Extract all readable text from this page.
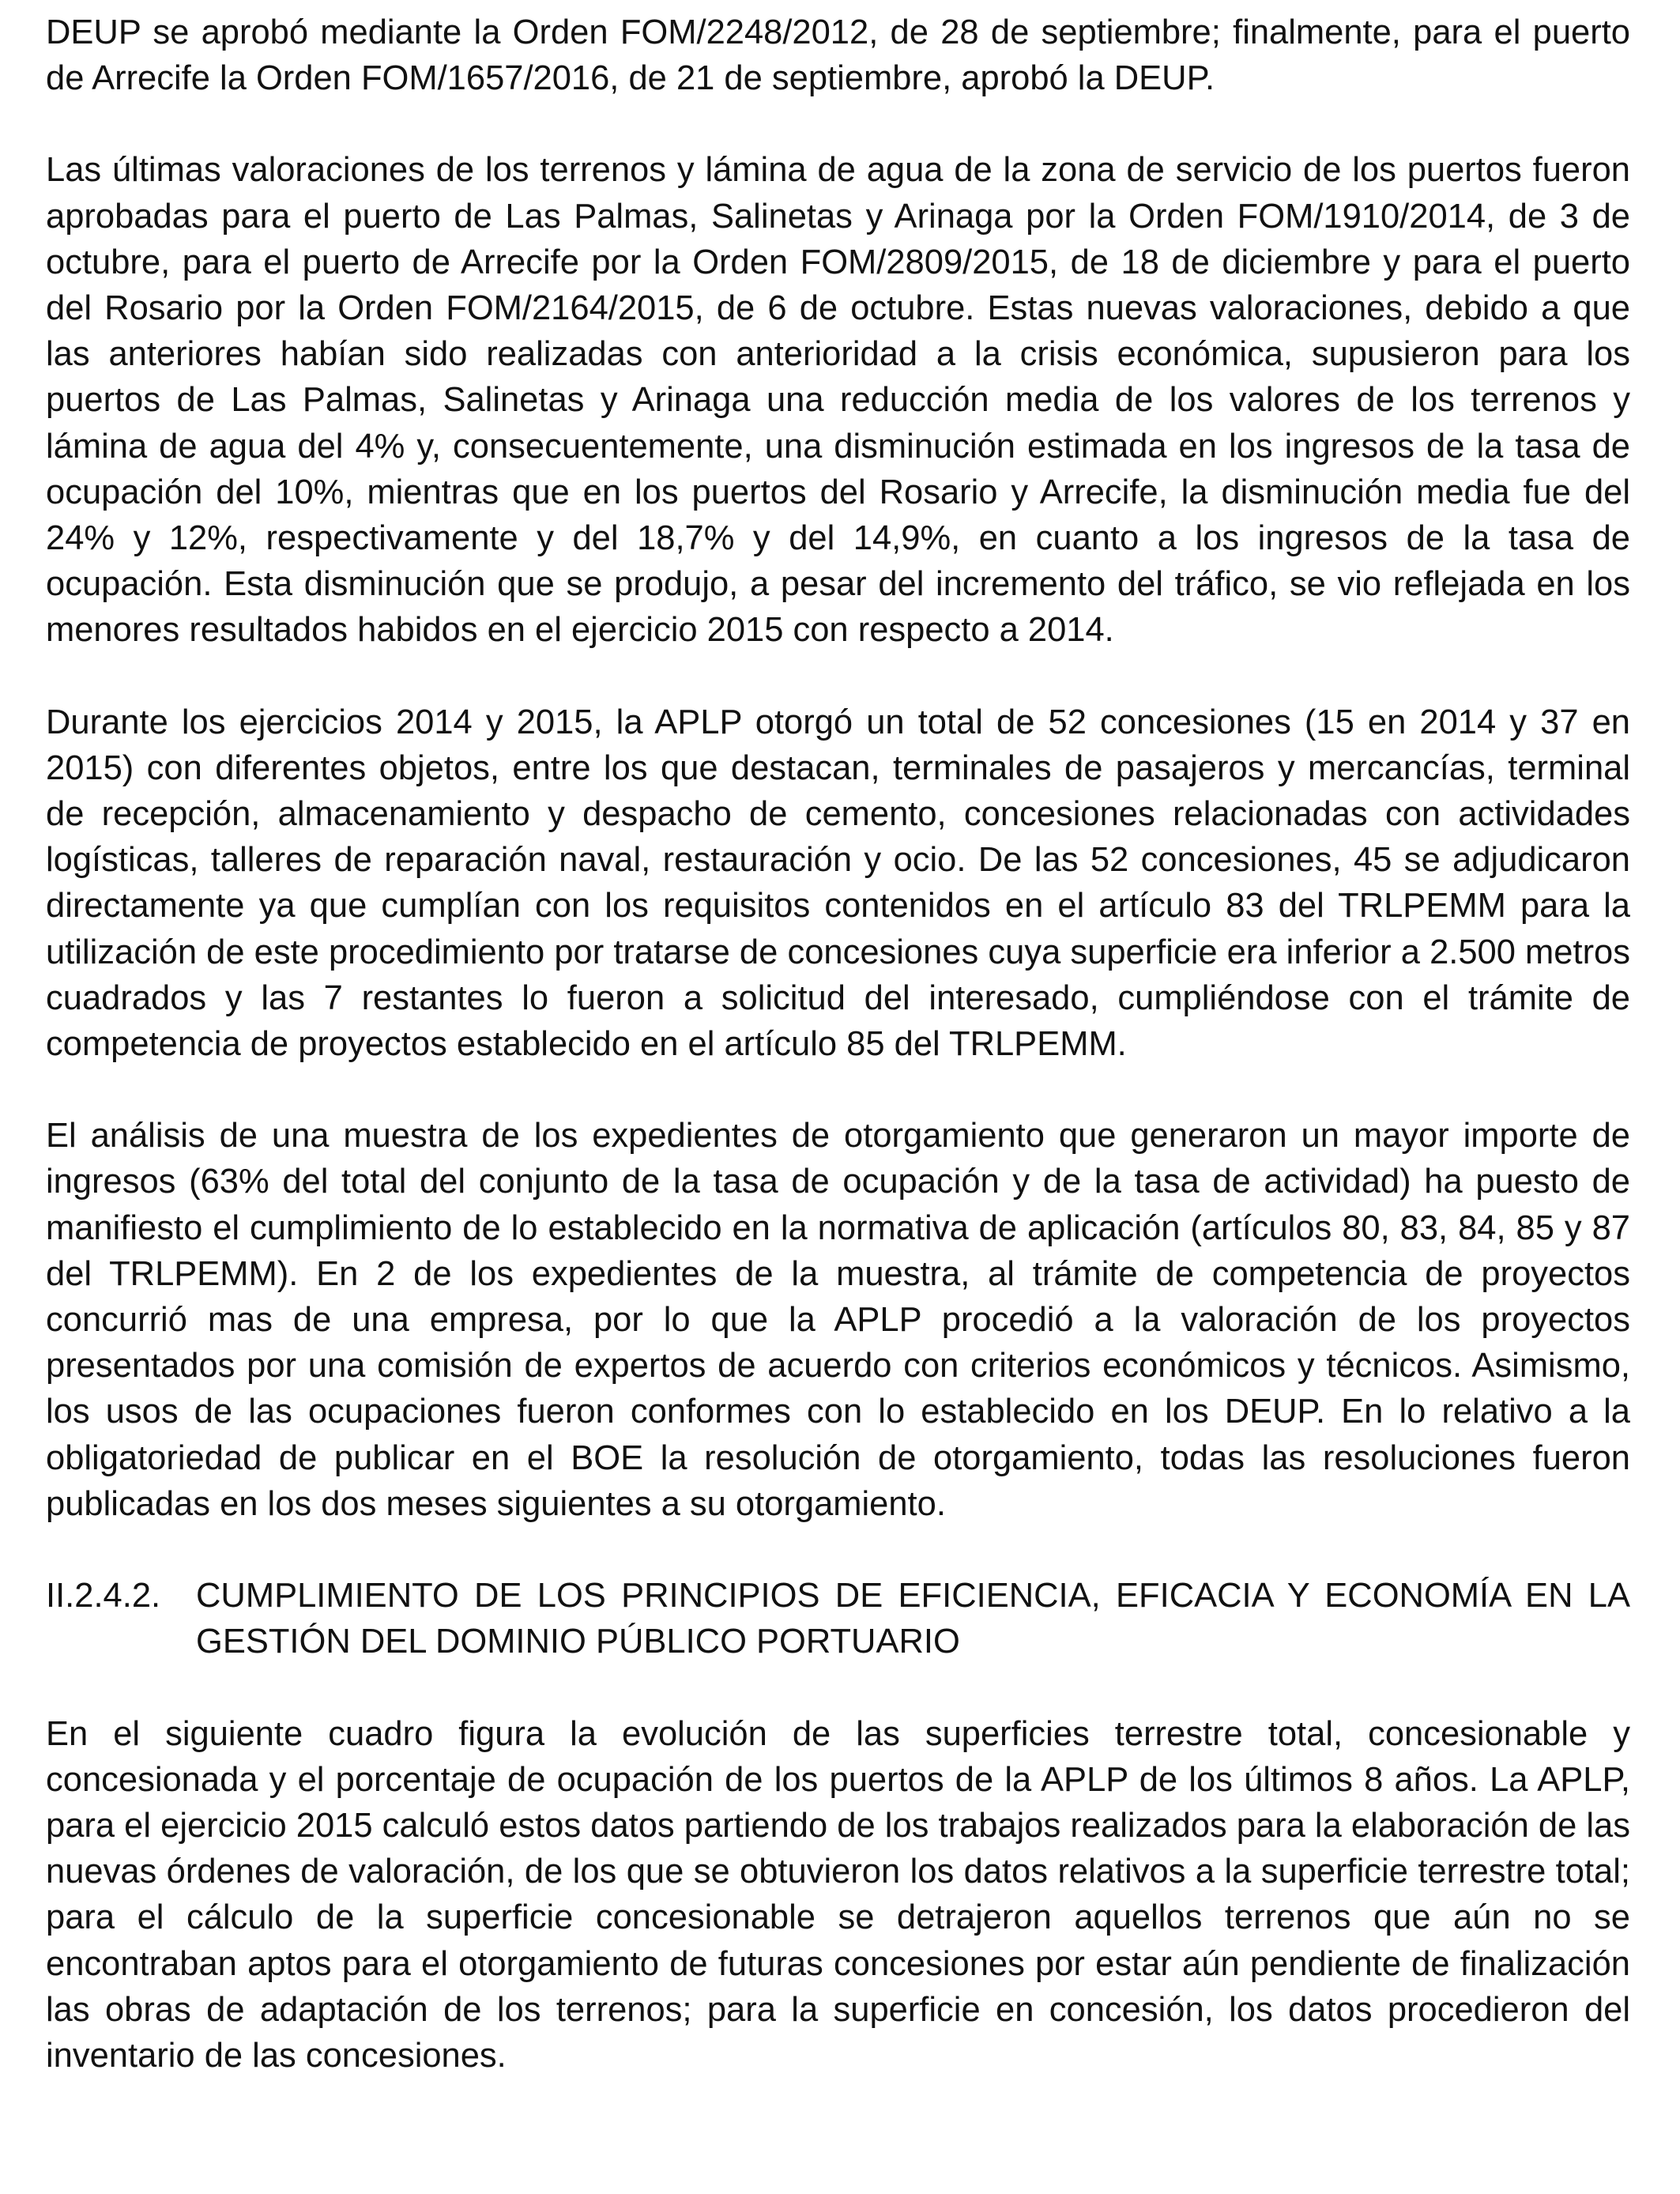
DEUP se aprobó mediante la Orden FOM/2248/2012, de 28 de septiembre; finalmente, para el puerto de Arrecife la Orden FOM/1657/2016, de 21 de septiembre, aprobó la DEUP.

Las últimas valoraciones de los terrenos y lámina de agua de la zona de servicio de los puertos fueron aprobadas para el puerto de Las Palmas, Salinetas y Arinaga por la Orden FOM/1910/2014, de 3 de octubre, para el puerto de Arrecife por la Orden FOM/2809/2015, de 18 de diciembre y para el puerto del Rosario por la Orden FOM/2164/2015, de 6 de octubre. Estas nuevas valoraciones, debido a que las anteriores habían sido realizadas con anterioridad a la crisis económica, supusieron para los puertos de Las Palmas, Salinetas y Arinaga una reducción media de los valores de los terrenos y lámina de agua del 4% y, consecuentemente, una disminución estimada en los ingresos de la tasa de ocupación del 10%, mientras que en los puertos del Rosario y Arrecife, la disminución media fue del 24% y 12%, respectivamente y del 18,7% y del 14,9%, en cuanto a los ingresos de la tasa de ocupación. Esta disminución que se produjo, a pesar del incremento del tráfico, se vio reflejada en los menores resultados habidos en el ejercicio 2015 con respecto a 2014.

Durante los ejercicios 2014 y 2015, la APLP otorgó un total de 52 concesiones (15 en 2014 y 37 en 2015) con diferentes objetos, entre los que destacan, terminales de pasajeros y mercancías, terminal de recepción, almacenamiento y despacho de cemento, concesiones relacionadas con actividades logísticas, talleres de reparación naval, restauración y ocio. De las 52 concesiones, 45 se adjudicaron directamente ya que cumplían con los requisitos contenidos en el artículo 83 del TRLPEMM para la utilización de este procedimiento por tratarse de concesiones cuya superficie era inferior a 2.500 metros cuadrados y las 7 restantes lo fueron a solicitud del interesado, cumpliéndose con el trámite de competencia de proyectos establecido en el artículo 85 del TRLPEMM.

El análisis de una muestra de los expedientes de otorgamiento que generaron un mayor importe de ingresos (63% del total del conjunto de la tasa de ocupación y de la tasa de actividad) ha puesto de manifiesto el cumplimiento de lo establecido en la normativa de aplicación (artículos 80, 83, 84, 85 y 87 del TRLPEMM). En 2 de los expedientes de la muestra, al trámite de competencia de proyectos concurrió mas de una empresa, por lo que la APLP procedió a la valoración de los proyectos presentados por una comisión de expertos de acuerdo con criterios económicos y técnicos. Asimismo, los usos de las ocupaciones fueron conformes con lo establecido en los DEUP. En lo relativo a la obligatoriedad de publicar en el BOE la resolución de otorgamiento, todas las resoluciones fueron publicadas en los dos meses siguientes a su otorgamiento.

II.2.4.2.	CUMPLIMIENTO DE LOS PRINCIPIOS DE EFICIENCIA, EFICACIA Y ECONOMÍA EN LA GESTIÓN DEL DOMINIO PÚBLICO PORTUARIO

En el siguiente cuadro figura la evolución de las superficies terrestre total, concesionable y concesionada y el porcentaje de ocupación de los puertos de la APLP de los últimos 8 años. La APLP, para el ejercicio 2015 calculó estos datos partiendo de los trabajos realizados para la elaboración de las nuevas órdenes de valoración, de los que se obtuvieron los datos relativos a la superficie terrestre total; para el cálculo de la superficie concesionable se detrajeron aquellos terrenos que aún no se encontraban aptos para el otorgamiento de futuras concesiones por estar aún pendiente de finalización las obras de adaptación de los terrenos; para la superficie en concesión, los datos procedieron del inventario de las concesiones.
